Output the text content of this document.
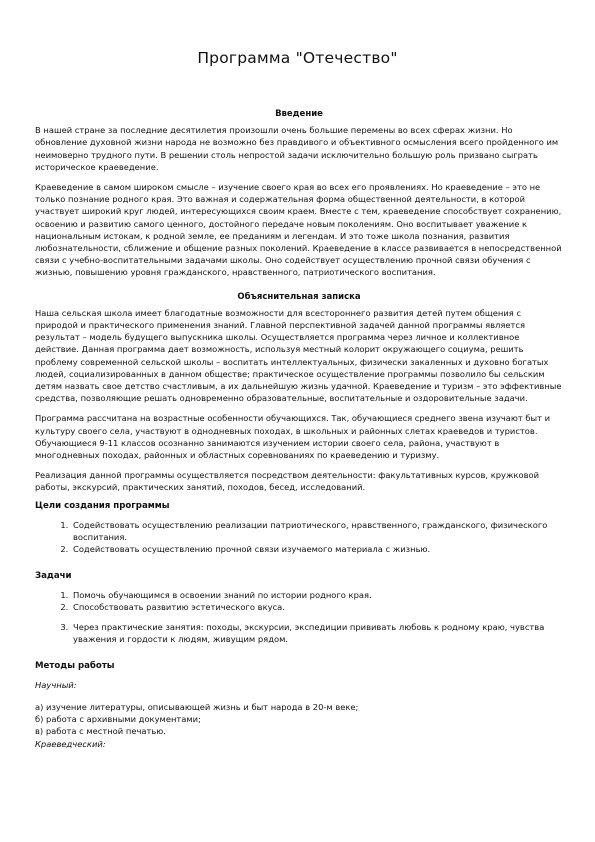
Программа "Отечество"
Введение

В нашей стране за последние десятилетия произошли очень большие перемены во всех сферах жизни. Но обновление духовной жизни народа не возможно без правдивого и объективного осмысления всего пройденного им неимоверно трудного пути. В решении столь непростой задачи исключительно большую роль призвано сыграть историческое краеведение.

Краеведение в самом широком смысле – изучение своего края во всех его проявлениях. Но краеведение – это не только познание родного края. Это важная и содержательная форма общественной деятельности, в которой участвует широкий круг людей, интересующихся своим краем. Вместе с тем, краеведение способствует сохранению, освоению и развитию самого ценного, достойного передаче новым поколениям. Оно воспитывает уважение к национальным истокам, к родной земле, ее преданиям и легендам. И это тоже школа познания, развития любознательности, сближение и общение разных поколений. Краеведение в классе развивается в непосредственной связи с учебно-воспитательными задачами школы. Оно содействует осуществлению прочной связи обучения с жизнью, повышению уровня гражданского, нравственного, патриотического воспитания.

Объяснительная записка

Наша сельская школа имеет благодатные возможности для всестороннего развития детей путем общения с природой и практического применения знаний. Главной перспективной задачей данной программы является результат – модель будущего выпускника школы. Осуществляется программа через личное и коллективное действие. Данная программа дает возможность, используя местный колорит окружающего социума, решить проблему современной сельской школы – воспитать интеллектуальных, физически закаленных и духовно богатых людей, социализированных в данном обществе; практическое осуществление программы позволило бы сельским детям назвать свое детство счастливым, а их дальнейшую жизнь удачной. Краеведение и туризм – это эффективные средства, позволяющие решать одновременно образовательные, воспитательные и оздоровительные задачи.

Программа рассчитана на возрастные особенности обучающихся. Так, обучающиеся среднего звена изучают быт и культуру своего села, участвуют в однодневных походах, в школьных и районных слетах краеведов и туристов. Обучающиеся 9-11 классов осознанно занимаются изучением истории своего села, района, участвуют в многодневных походах, районных и областных соревнованиях по краеведению и туризму.

Реализация данной программы осуществляется посредством деятельности: факультативных курсов, кружковой работы, экскурсий, практических занятий, походов, бесед, исследований.

Цели создания программы
1. Содействовать осуществлению реализации патриотического, нравственного, гражданского, физического воспитания.
2. Содействовать осуществлению прочной связи изучаемого материала с жизнью.
Задачи
1. Помочь обучающимся в освоении знаний по истории родного края.
2. Способствовать развитию эстетического вкуса.
3. Через практические занятия: походы, экскурсии, экспедиции прививать любовь к родному краю, чувства уважения и гордости к людям, живущим рядом.
Методы работы

Научный:

а) изучение литературы, описывающей жизнь и быт народа в 20-м веке;

б) работа с архивными документами;

в) работа с местной печатью.

Краеведческий:
